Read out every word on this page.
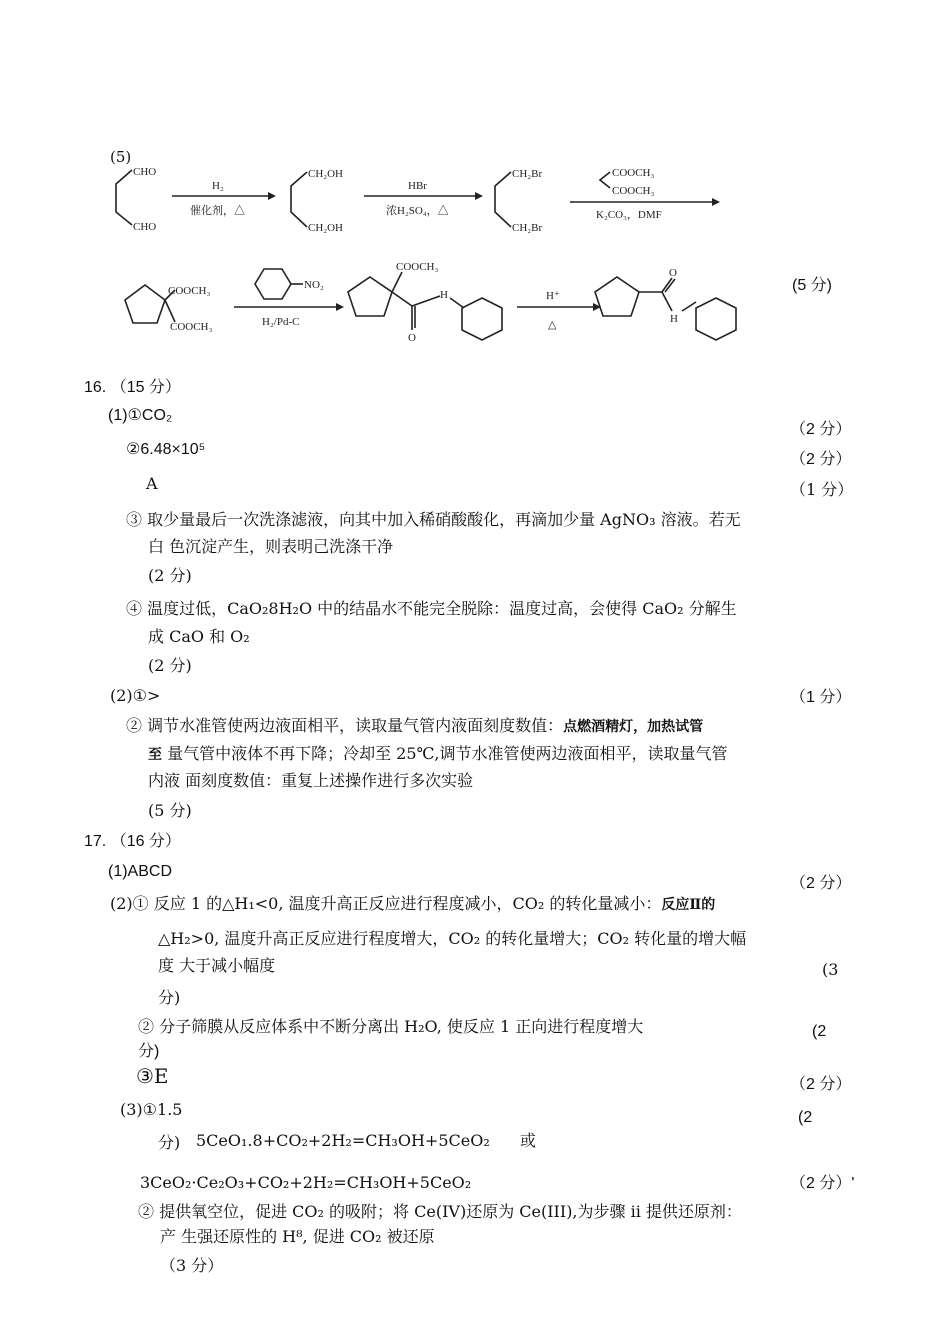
(5)
CHO
CHO
H₂
催化剂，△
CH₂OH
CH₂OH
HBr
浓H₂SO₄，△
CH₂Br
CH₂Br
COOCH₃
COOCH₃
K₂CO₃，DMF
COOCH₃
COOCH₃
NO₂
H₂/Pd-C
COOCH₃
H
O
H⁺
△
O
H
(5 分)
16. （15 分）
(1)①CO₂
（2 分）
②6.48×10⁵
（2 分）
A	（1 分）
③ 取少量最后一次洗涤滤液，向其中加入稀硝酸酸化，再滴加少量 AgNO₃ 溶液。若无
白 色沉淀产生，则表明己洗涤干净
(2 分)
④ 温度过低，CaO₂8H₂O 中的结晶水不能完全脱除：温度过高，会使得 CaO₂ 分解生
成 CaO 和 O₂
(2 分)
(2)①>	（1 分）
② 调节水准管使两边液面相平，读取量气管内液面刻度数值：点燃酒精灯，加热试管
至 量气管中液体不再下降；冷却至 25℃,调节水准管使两边液面相平，读取量气管
内液 面刻度数值：重复上述操作进行多次实验
(5 分)
17. （16 分）
(1)ABCD
（2 分）
(2)① 反应 1 的△H₁<0, 温度升高正反应进行程度减小，CO₂ 的转化量减小：反应Ⅱ的
△H₂>0, 温度升高正反应进行程度增大，CO₂ 的转化量增大；CO₂ 转化量的增大幅
度 大于减小幅度	(3
分)
② 分子筛膜从反应体系中不断分离出 H₂O, 使反应 1 正向进行程度增大	(2
分)
③E	（2 分）
(3)①1.5	(2
分) 5CeO₁.8+CO₂+2H₂=CH₃OH+5CeO₂ 或
3CeO₂·Ce₂O₃+CO₂+2H₂=CH₃OH+5CeO₂	（2 分）'
② 提供氧空位，促进 CO₂ 的吸附；将 Ce(IV)还原为 Ce(III),为步骤 ii 提供还原剂：
产 生强还原性的 H⁸, 促进 CO₂ 被还原
（3 分）
